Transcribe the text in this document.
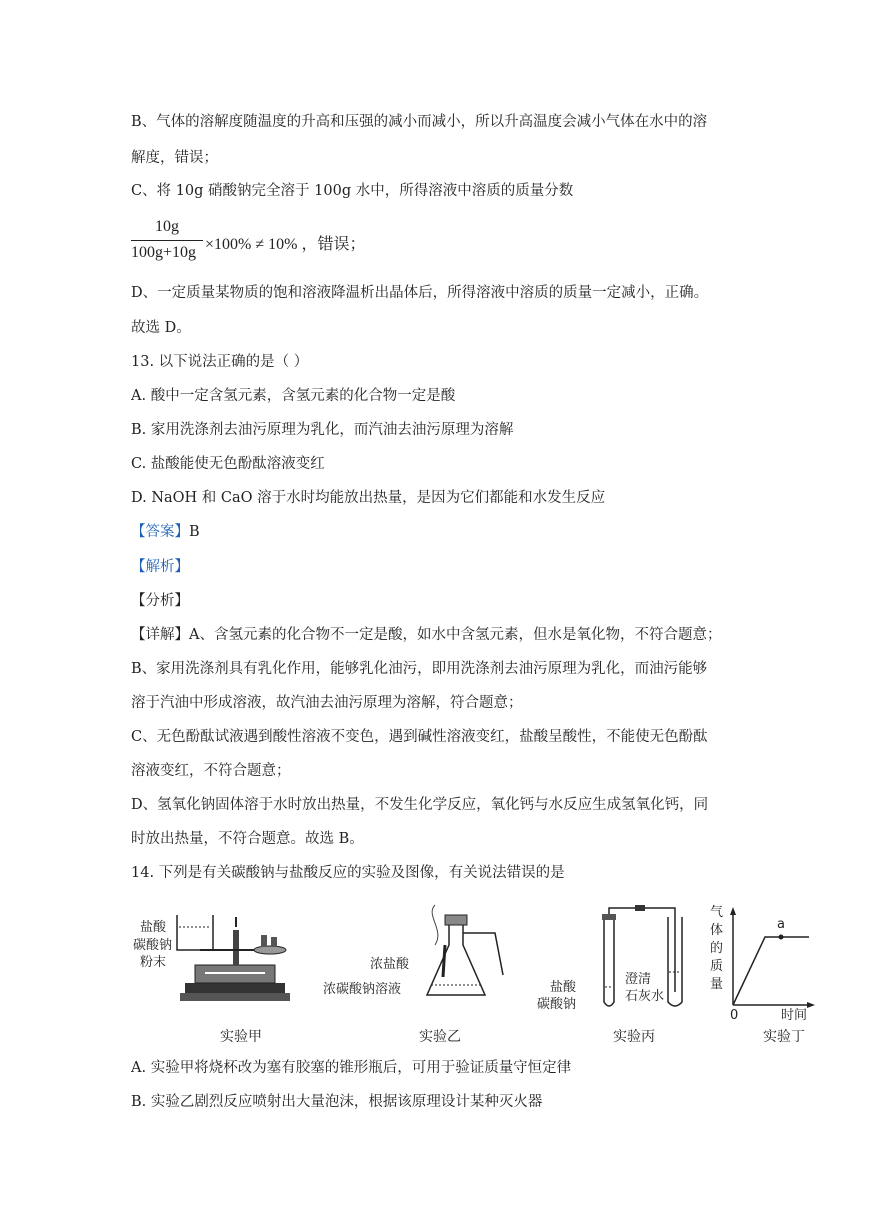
B、气体的溶解度随温度的升高和压强的减小而减小，所以升高温度会减小气体在水中的溶
解度，错误；
C、将 10g 硝酸钠完全溶于 100g 水中，所得溶液中溶质的质量分数
D、一定质量某物质的饱和溶液降温析出晶体后，所得溶液中溶质的质量一定减小，正确。
故选 D。
13. 以下说法正确的是（ ）
A. 酸中一定含氢元素，含氢元素的化合物一定是酸
B. 家用洗涤剂去油污原理为乳化，而汽油去油污原理为溶解
C. 盐酸能使无色酚酞溶液变红
D. NaOH 和 CaO 溶于水时均能放出热量，是因为它们都能和水发生反应
【详解】A、含氢元素的化合物不一定是酸，如水中含氢元素，但水是氧化物，不符合题意；
B、家用洗涤剂具有乳化作用，能够乳化油污，即用洗涤剂去油污原理为乳化，而油污能够
溶于汽油中形成溶液，故汽油去油污原理为溶解，符合题意；
C、无色酚酞试液遇到酸性溶液不变色，遇到碱性溶液变红，盐酸呈酸性，不能使无色酚酞
溶液变红，不符合题意；
D、氢氧化钠固体溶于水时放出热量，不发生化学反应，氧化钙与水反应生成氢氧化钙，同
时放出热量，不符合题意。故选 B。
14. 下列是有关碳酸钠与盐酸反应的实验及图像，有关说法错误的是
A. 实验甲将烧杯改为塞有胶塞的锥形瓶后，可用于验证质量守恒定律
B. 实验乙剧烈反应喷射出大量泡沫，根据该原理设计某种灭火器
【答案】B
【解析】
【分析】
10g
100g+10g ×100% ≠ 10% ，错误；
盐酸
碳酸钠
粉末
实验甲
浓盐酸
浓碳酸钠溶液
实验乙
盐酸
碳酸钠
澄清
石灰水
实验丙
气
体
的
质
量
a
0	时间
实验丁
